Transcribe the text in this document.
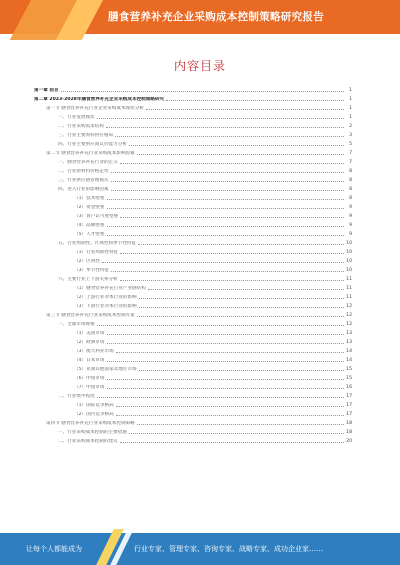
膳食营养补充企业采购成本控制策略研究报告
内容目录
第一章 前言	1
第二章 2023-2028年膳食营养补充企业采购成本控制策略研究	1
第一节 膳食营养补充行业企业采购成本现状分析	1
一、行业发展现状	1
二、行业采购需求结构	2
三、行业主要原料供应格局	3
四、行业主要供应商议价能力分析	5
第二节 膳食营养补充行业采购成本影响因素	7
一、膳食营养补充行业的定义	7
二、行业原材料价格走势	8
三、行业供应链管理模式	8
四、进入行业的影响因素	8
（1）技术壁垒	8
（2）资金壁垒	9
（3）客户认可度壁垒	9
（4）品牌壁垒	9
（5）人才壁垒	9
五、行业周期性、区域性和季节性特征	10
（1）行业周期性特征	10
（2）区域性	10
（3）季节性特征	10
六、主要行业上下游关系分析	11
（1）膳食营养补充行业产业链结构	11
（2）上游行业对本行业的影响	11
（3）下游行业对本行业的影响	12
第三节 膳食营养补充行业采购成本控制方案	12
一、全球市场规模	12
（1）美国市场	13
（2）欧洲市场	13
（3）澳大利亚市场	14
（4）日本市场	14
（5）亚洲其他国家及地区市场	15
（6）中国市场	15
（7）中国市场	16
二、行业集中程度	17
（1）国际竞争格局	17
（2）国内竞争格局	17
第四节 膳食营养补充行业采购成本控制策略	18
一、行业采购成本控制的主要措施	18
二、行业采购成本控制的建议	20
让每个人都能成为	行业专家、管理专家、咨询专家、战略专家、成功企业家……
